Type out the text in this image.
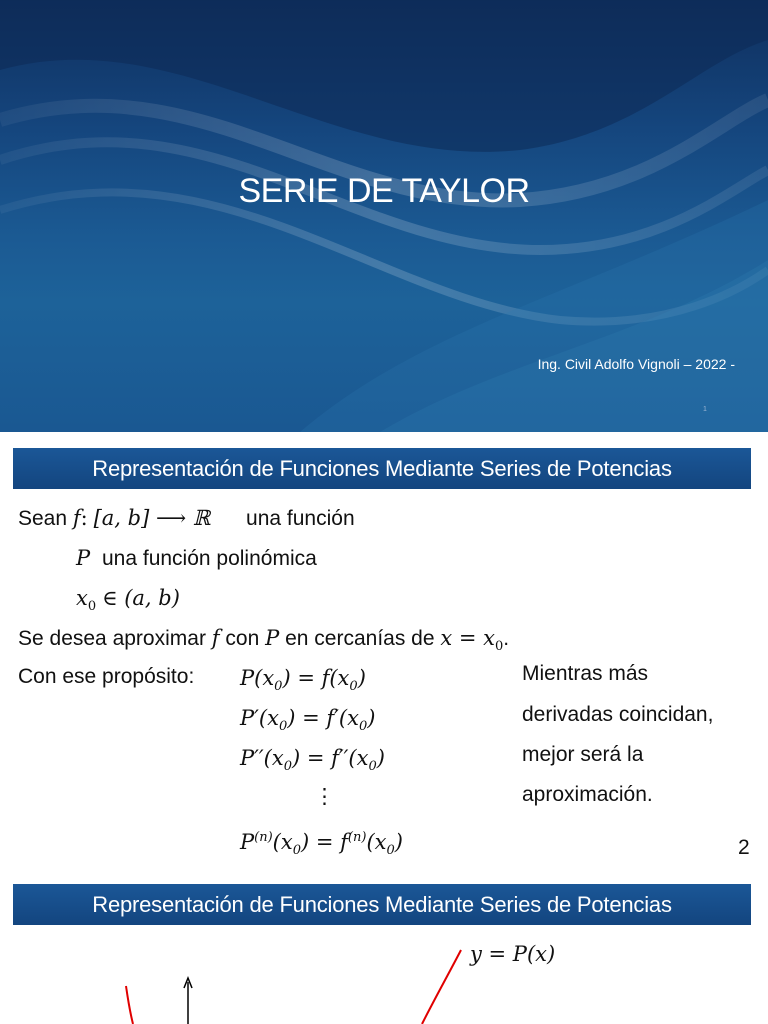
SERIE DE TAYLOR
Ing. Civil Adolfo Vignoli – 2022 -
1
Representación de Funciones Mediante Series de Potencias
Sean f: [a, b] ⟶ ℝ una función
P una función polinómica
$x_0$ ∈ (a, b)
Se desea aproximar f con P en cercanías de $x = x_0$.
Con ese propósito: $P(x_0) = f(x_0)$
$P'(x_0) = f'(x_0)$
$P''(x_0) = f''(x_0)$
⋮
$P^{(n)}(x_0) = f^{(n)}(x_0)$
Mientras más
derivadas coincidan,
mejor será la
aproximación.
2
Representación de Funciones Mediante Series de Potencias
y = P(x)
